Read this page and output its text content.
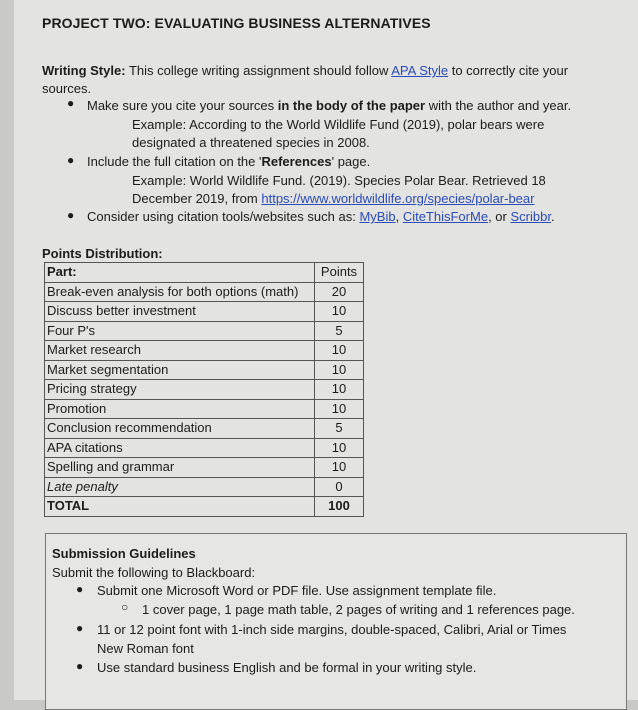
PROJECT TWO: EVALUATING BUSINESS ALTERNATIVES
Writing Style: This college writing assignment should follow APA Style to correctly cite your
sources.
● Make sure you cite your sources in the body of the paper with the author and year.
Example: According to the World Wildlife Fund (2019), polar bears were
designated a threatened species in 2008.
● Include the full citation on the 'References' page.
Example: World Wildlife Fund. (2019). Species Polar Bear. Retrieved 18
December 2019, from https://www.worldwildlife.org/species/polar-bear
● Consider using citation tools/websites such as: MyBib, CiteThisForMe, or Scribbr.
Points Distribution:
Part:	Points
Break-even analysis for both options (math)	20
Discuss better investment	10
Four P's	5
Market research	10
Market segmentation	10
Pricing strategy	10
Promotion	10
Conclusion recommendation	5
APA citations	10
Spelling and grammar	10
Late penalty	0
TOTAL	100
Submission Guidelines
Submit the following to Blackboard:
● Submit one Microsoft Word or PDF file. Use assignment template file.
○ 1 cover page, 1 page math table, 2 pages of writing and 1 references page.
● 11 or 12 point font with 1-inch side margins, double-spaced, Calibri, Arial or Times
New Roman font
● Use standard business English and be formal in your writing style.
